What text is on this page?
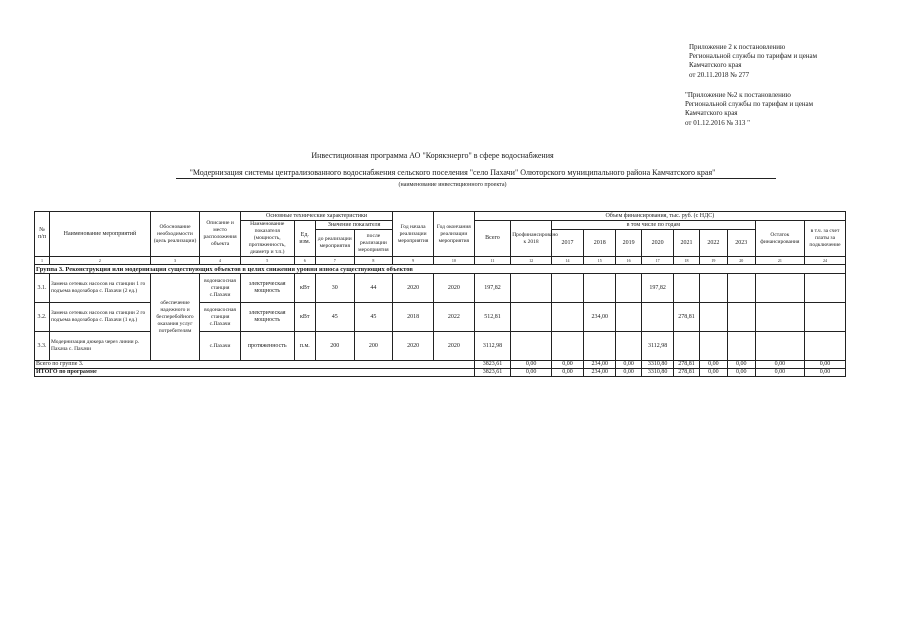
Приложение 2 к постановлению
Региональной службы по тарифам и ценам
Камчатского края
от 20.11.2018 № 277
"Приложение №2 к постановлению
Региональной службы по тарифам и ценам
Камчатского края
от 01.12.2016 № 313 "
Инвестиционная программа АО "Корякэнерго" в сфере водоснабжения
"Модернизация системы централизованного водоснабжения сельского поселения "село Пахачи" Олюторского муниципального района Камчатского края"
(наименование инвестиционного проекта)
№ п/п	Наименование мероприятий	Обоснование необходимости (цель реализации)	Описание и место расположения объекта	Основные технические характеристики				Год начала реализации мероприятия	Год окончания реализации мероприятия	Объем финансирования, тыс. руб. (с НДС)										
				Наименование показателя (мощность, протяженность, диаметр и т.п.)	Ед. изм.	Значение показателя				Всего	Профинансировано к 2018	в том числе по годам							Остаток финансирования	в т.ч. за счет платы за подключение
						до реализации мероприятия	после реализации мероприятия					2017	2018	2019	2020	2021	2022	2023		

1	2	3	4	5	6	7	8	9	10	11	12	14	15	16	17	18	19	20	21	24
Группа 3. Реконструкция или модернизация существующих объектов в целях снижения уровня износа существующих объектов																				
3.1.	Замена сетевых насосов на станции 1 го подъема водозабора с. Пахачи (2 ед.)	обеспечение надежного и бесперебойного оказания услуг потребителям	водонасосная станция с.Пахачи	электрическая мощность	кВт	30	44	2020	2020	197,82					197,82					
3.2.	Замена сетевых насосов на станции 2 го подъема водозабора с. Пахачи (1 ед.)		водонасосная станция с.Пахачи	электрическая мощность	кВт	45	45	2018	2022	512,81			234,00			278,81				
3.3.	Модернизация дюкера через линии р. Пахача с. Пахачи		с.Пахачи	протяженность	п.м.	200	200	2020	2020	3112,98					3112,98					
Всего по группе 3.										3823,61	0,00	0,00	234,00	0,00	3310,80	278,81	0,00	0,00	0,00	0,00
ИТОГО по программе										3823,61	0,00	0,00	234,00	0,00	3310,80	278,81	0,00	0,00	0,00	0,00
